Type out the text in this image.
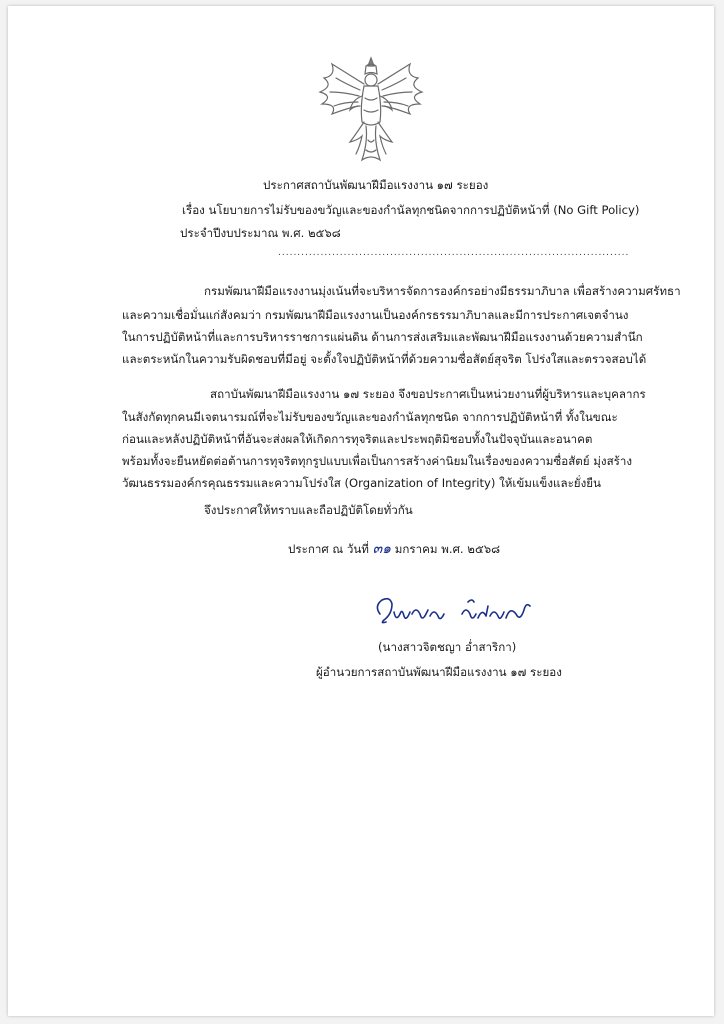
ประกาศสถาบันพัฒนาฝีมือแรงงาน ๑๗ ระยอง
เรื่อง นโยบายการไม่รับของขวัญและของกำนัลทุกชนิดจากการปฏิบัติหน้าที่ (No Gift Policy)
ประจำปีงบประมาณ พ.ศ. ๒๕๖๘
...........................................................................................
กรมพัฒนาฝีมือแรงงานมุ่งเน้นที่จะบริหารจัดการองค์กรอย่างมีธรรมาภิบาล เพื่อสร้างความศรัทธา
และความเชื่อมั่นแก่สังคมว่า กรมพัฒนาฝีมือแรงงานเป็นองค์กรธรรมาภิบาลและมีการประกาศเจตจำนง
ในการปฏิบัติหน้าที่และการบริหารราชการแผ่นดิน ด้านการส่งเสริมและพัฒนาฝีมือแรงงานด้วยความสำนึก
และตระหนักในความรับผิดชอบที่มีอยู่ จะตั้งใจปฏิบัติหน้าที่ด้วยความซื่อสัตย์สุจริต โปร่งใสและตรวจสอบได้
สถาบันพัฒนาฝีมือแรงงาน ๑๗ ระยอง จึงขอประกาศเป็นหน่วยงานที่ผู้บริหารและบุคลากร
ในสังกัดทุกคนมีเจตนารมณ์ที่จะไม่รับของขวัญและของกำนัลทุกชนิด จากการปฏิบัติหน้าที่ ทั้งในขณะ
ก่อนและหลังปฏิบัติหน้าที่อันจะส่งผลให้เกิดการทุจริตและประพฤติมิชอบทั้งในปัจจุบันและอนาคต
พร้อมทั้งจะยืนหยัดต่อต้านการทุจริตทุกรูปแบบเพื่อเป็นการสร้างค่านิยมในเรื่องของความซื่อสัตย์ มุ่งสร้าง
วัฒนธรรมองค์กรคุณธรรมและความโปร่งใส (Organization of Integrity) ให้เข้มแข็งและยั่งยืน
จึงประกาศให้ทราบและถือปฏิบัติโดยทั่วกัน
ประกาศ ณ วันที่ ๓๑ มกราคม พ.ศ. ๒๕๖๘
(นางสาวจิตชญา อ่ำสาริกา)
ผู้อำนวยการสถาบันพัฒนาฝีมือแรงงาน ๑๗ ระยอง
